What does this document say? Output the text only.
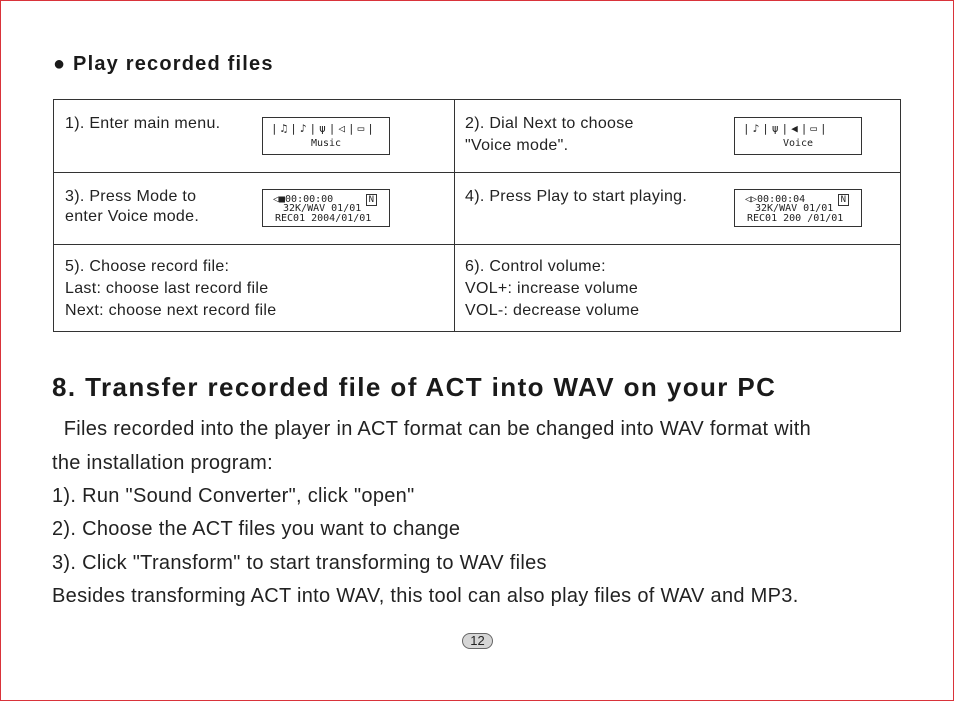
● Play recorded files
1). Enter main menu.	|♫|♪|ψ|◁|▭|
Music
2). Dial Next to choose
"Voice mode".
|♪|ψ|◀|▭|
Voice
3). Press Mode to
enter Voice mode.
◁■00:00:00	N
32K/WAV 01/01
REC01 2004/01/01
4). Press Play to start playing.	◁▷00:00:04	N
32K/WAV 01/01
REC01 200 /01/01
5). Choose record file:
Last: choose last record file
Next: choose next record file
6). Control volume:
VOL+: increase volume
VOL-: decrease volume
8. Transfer recorded file of ACT into WAV on your PC
Files recorded into the player in ACT format can be changed into WAV format with
the installation program:
1). Run "Sound Converter", click "open"
2). Choose the ACT files you want to change
3). Click "Transform" to start transforming to WAV files
Besides transforming ACT into WAV, this tool can also play files of WAV and MP3.
12
